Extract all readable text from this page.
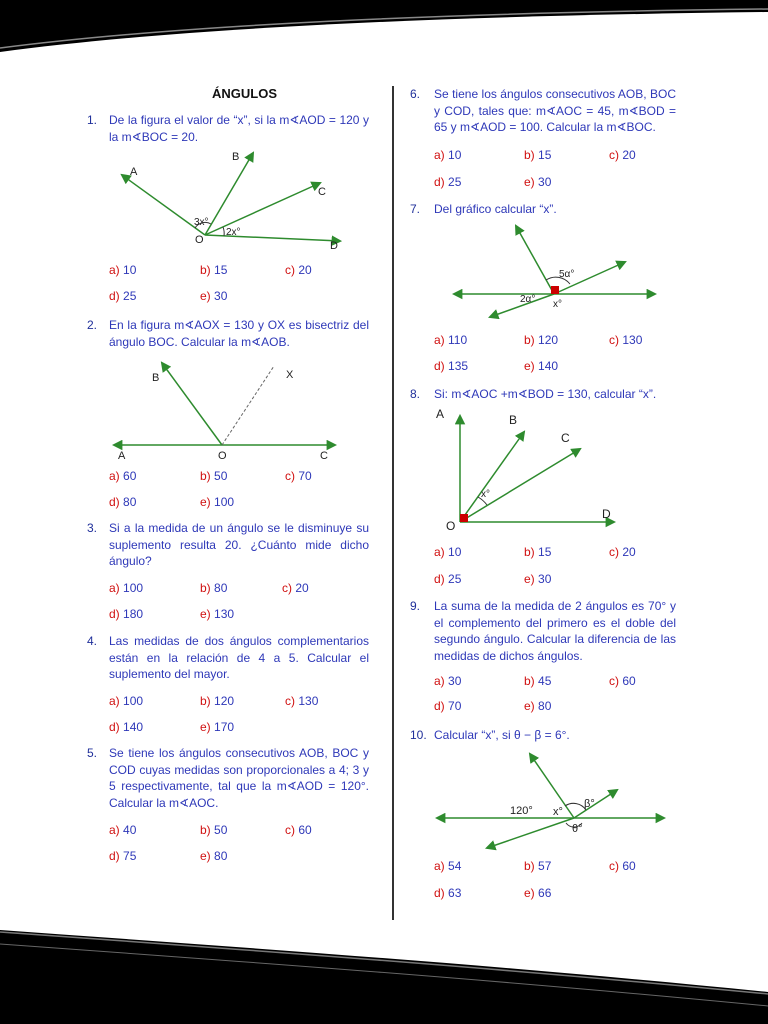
ÁNGULOS
1. De la figura el valor de “x”, si la m∢AOD = 120 y la m∢BOC = 20.
A
B
C
D
O
3x°
2x°
a) 10	b) 15	c) 20
d) 25	e) 30
2. En la figura m∢AOX = 130 y OX es bisectriz del ángulo BOC. Calcular la m∢AOB.
B	X
A	O	C
a) 60	b) 50	c) 70
d) 80	e) 100
3. Si a la medida de un ángulo se le disminuye su suplemento resulta 20. ¿Cuánto mide dicho ángulo?
a) 100	b) 80	c) 20
d) 180	e) 130
4. Las medidas de dos ángulos complementarios están en la relación de 4 a 5. Calcular el suplemento del mayor.
a) 100	b) 120	c) 130
d) 140	e) 170
5. Se tiene los ángulos consecutivos AOB, BOC y COD cuyas medidas son proporcionales a 4; 3 y 5 respectivamente, tal que la m∢AOD = 120°. Calcular la m∢AOC.
a) 40	b) 50	c) 60
d) 75	e) 80
6. Se tiene los ángulos consecutivos AOB, BOC y COD, tales que: m∢AOC = 45, m∢BOD = 65 y m∢AOD = 100. Calcular la m∢BOC.
a) 10	b) 15	c) 20
d) 25	e) 30
7. Del gráfico calcular “x”.
5α°
2α° x°
a) 110	b) 120	c) 130
d) 135	e) 140
8. Si: m∢AOC +m∢BOD = 130, calcular “x”.
A	B
C
D
O
x°
a) 10	b) 15	c) 20
d) 25	e) 30
9. La suma de la medida de 2 ángulos es 70° y el complemento del primero es el doble del segundo ángulo. Calcular la diferencia de las medidas de dichos ángulos.
a) 30	b) 45	c) 60
d) 70	e) 80
10. Calcular “x”, si θ − β = 6°.
120° x°
β°
θ°
a) 54	b) 57	c) 60
d) 63	e) 66
